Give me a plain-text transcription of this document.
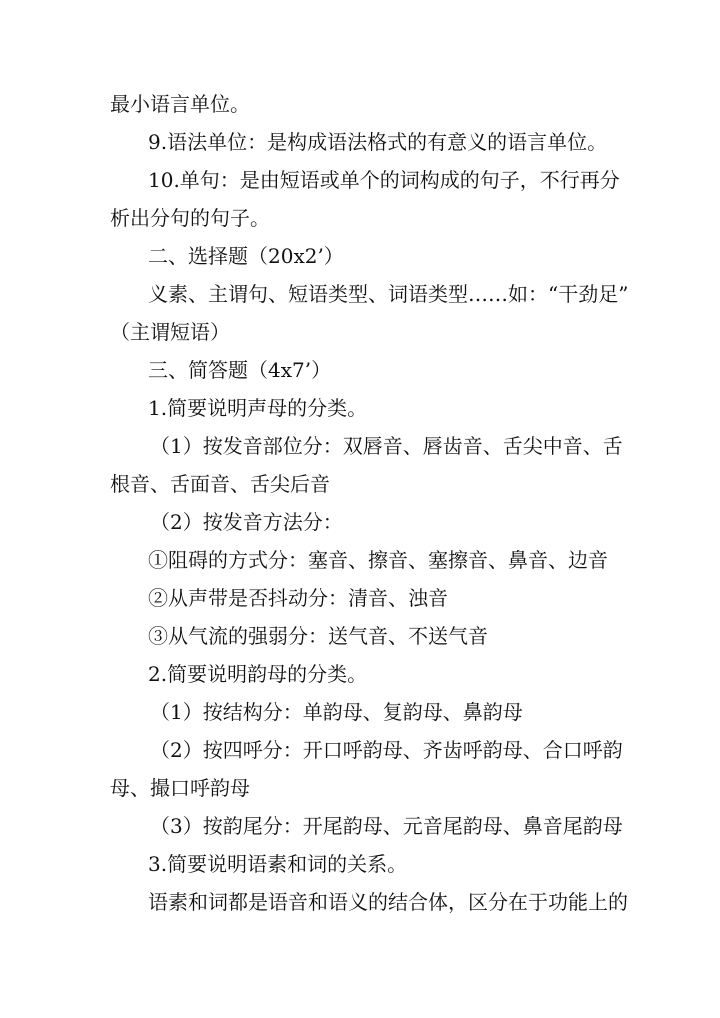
最小语言单位。
9.语法单位：是构成语法格式的有意义的语言单位。
10.单句：是由短语或单个的词构成的句子，不行再分
析出分句的句子。
二、选择题（20x2’）
义素、主谓句、短语类型、词语类型……如：“干劲足”
（主谓短语）
三、简答题（4x7’）
1.简要说明声母的分类。
（1）按发音部位分：双唇音、唇齿音、舌尖中音、舌
根音、舌面音、舌尖后音
（2）按发音方法分：
①阻碍的方式分：塞音、擦音、塞擦音、鼻音、边音
②从声带是否抖动分：清音、浊音
③从气流的强弱分：送气音、不送气音
2.简要说明韵母的分类。
（1）按结构分：单韵母、复韵母、鼻韵母
（2）按四呼分：开口呼韵母、齐齿呼韵母、合口呼韵
母、撮口呼韵母
（3）按韵尾分：开尾韵母、元音尾韵母、鼻音尾韵母
3.简要说明语素和词的关系。
语素和词都是语音和语义的结合体，区分在于功能上的
